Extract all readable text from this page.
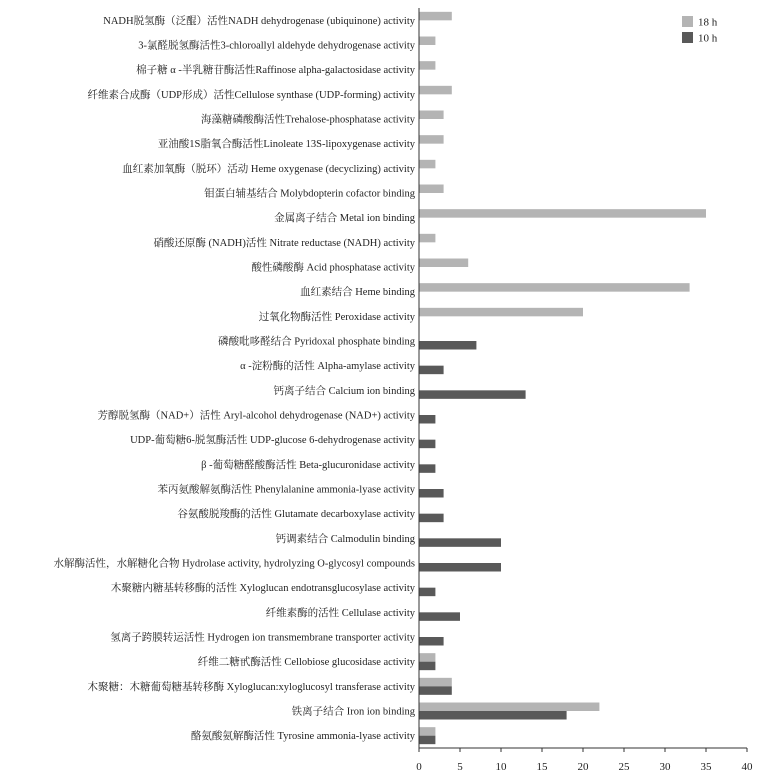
NADH脱氢酶（泛醌）活性NADH dehydrogenase (ubiquinone) activity
3-氯醛脱氢酶活性3-chloroallyl aldehyde dehydrogenase activity
棉子糖 α -半乳糖苷酶活性Raffinose alpha-galactosidase activity
纤维素合成酶（UDP形成）活性Cellulose synthase (UDP-forming) activity
海藻糖磷酸酶活性Trehalose-phosphatase activity
亚油酸1S脂氧合酶活性Linoleate 13S-lipoxygenase activity
血红素加氧酶（脱环）活动 Heme oxygenase (decyclizing) activity
钼蛋白辅基结合 Molybdopterin cofactor binding
金属离子结合 Metal ion binding
硝酸还原酶 (NADH)活性 Nitrate reductase (NADH) activity
酸性磷酸酶 Acid phosphatase activity
血红素结合 Heme binding
过氧化物酶活性 Peroxidase activity
磷酸吡哆醛结合 Pyridoxal phosphate binding
α -淀粉酶的活性 Alpha-amylase activity
钙离子结合 Calcium ion binding
芳醇脱氢酶（NAD+）活性 Aryl-alcohol dehydrogenase (NAD+) activity
UDP-葡萄糖6-脱氢酶活性 UDP-glucose 6-dehydrogenase activity
β -葡萄糖醛酸酶活性 Beta-glucuronidase activity
苯丙氨酸解氨酶活性 Phenylalanine ammonia-lyase activity
谷氨酸脱羧酶的活性 Glutamate decarboxylase activity
钙调素结合 Calmodulin binding
水解酶活性，水解糖化合物 Hydrolase activity, hydrolyzing O-glycosyl compounds
木聚糖内糖基转移酶的活性 Xyloglucan endotransglucosylase activity
纤维素酶的活性 Cellulase activity
氢离子跨膜转运活性 Hydrogen ion transmembrane transporter activity
纤维二糖甙酶活性 Cellobiose glucosidase activity
木聚糖：木糖葡萄糖基转移酶 Xyloglucan:xyloglucosyl transferase activity
铁离子结合 Iron ion binding
酪氨酸氨解酶活性 Tyrosine ammonia-lyase activity
0	5	10	15	20	25	30	35	40
18 h
10 h
